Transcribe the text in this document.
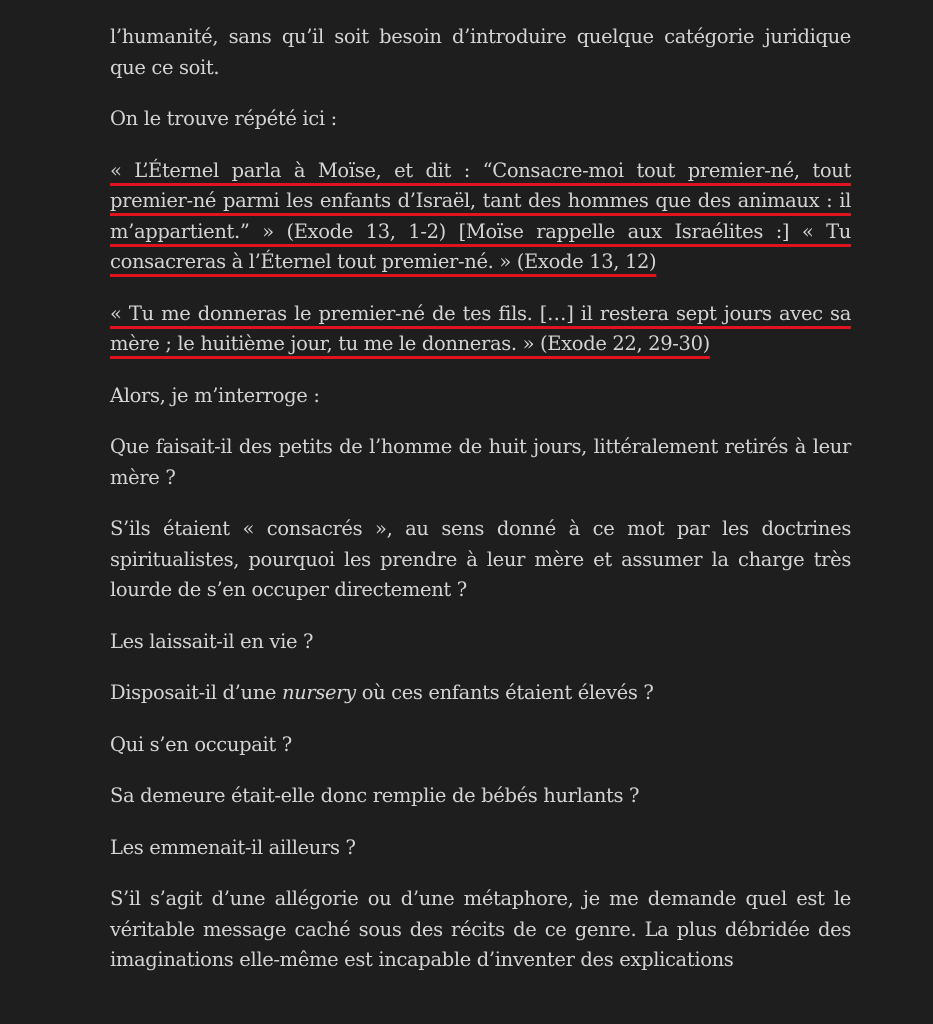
l’humanité, sans qu’il soit besoin d’introduire quelque catégorie juridique que ce soit.

On le trouve répété ici :

« L’Éternel parla à Moïse, et dit : “Consacre-moi tout premier-né, tout premier-né parmi les enfants d’Israël, tant des hommes que des animaux : il m’appartient.” » (Exode 13, 1-2) [Moïse rappelle aux Israélites :] « Tu consacreras à l’Éternel tout premier-né. » (Exode 13, 12)

« Tu me donneras le premier-né de tes fils. […] il restera sept jours avec sa mère ; le huitième jour, tu me le donneras. » (Exode 22, 29-30)

Alors, je m’interroge :

Que faisait-il des petits de l’homme de huit jours, littéralement retirés à leur mère ?

S’ils étaient « consacrés », au sens donné à ce mot par les doctrines spiritualistes, pourquoi les prendre à leur mère et assumer la charge très lourde de s’en occuper directement ?

Les laissait-il en vie ?

Disposait-il d’une nursery où ces enfants étaient élevés ?

Qui s’en occupait ?

Sa demeure était-elle donc remplie de bébés hurlants ?

Les emmenait-il ailleurs ?

S’il s’agit d’une allégorie ou d’une métaphore, je me demande quel est le véritable message caché sous des récits de ce genre. La plus débridée des imaginations elle-même est incapable d’inventer des explications
